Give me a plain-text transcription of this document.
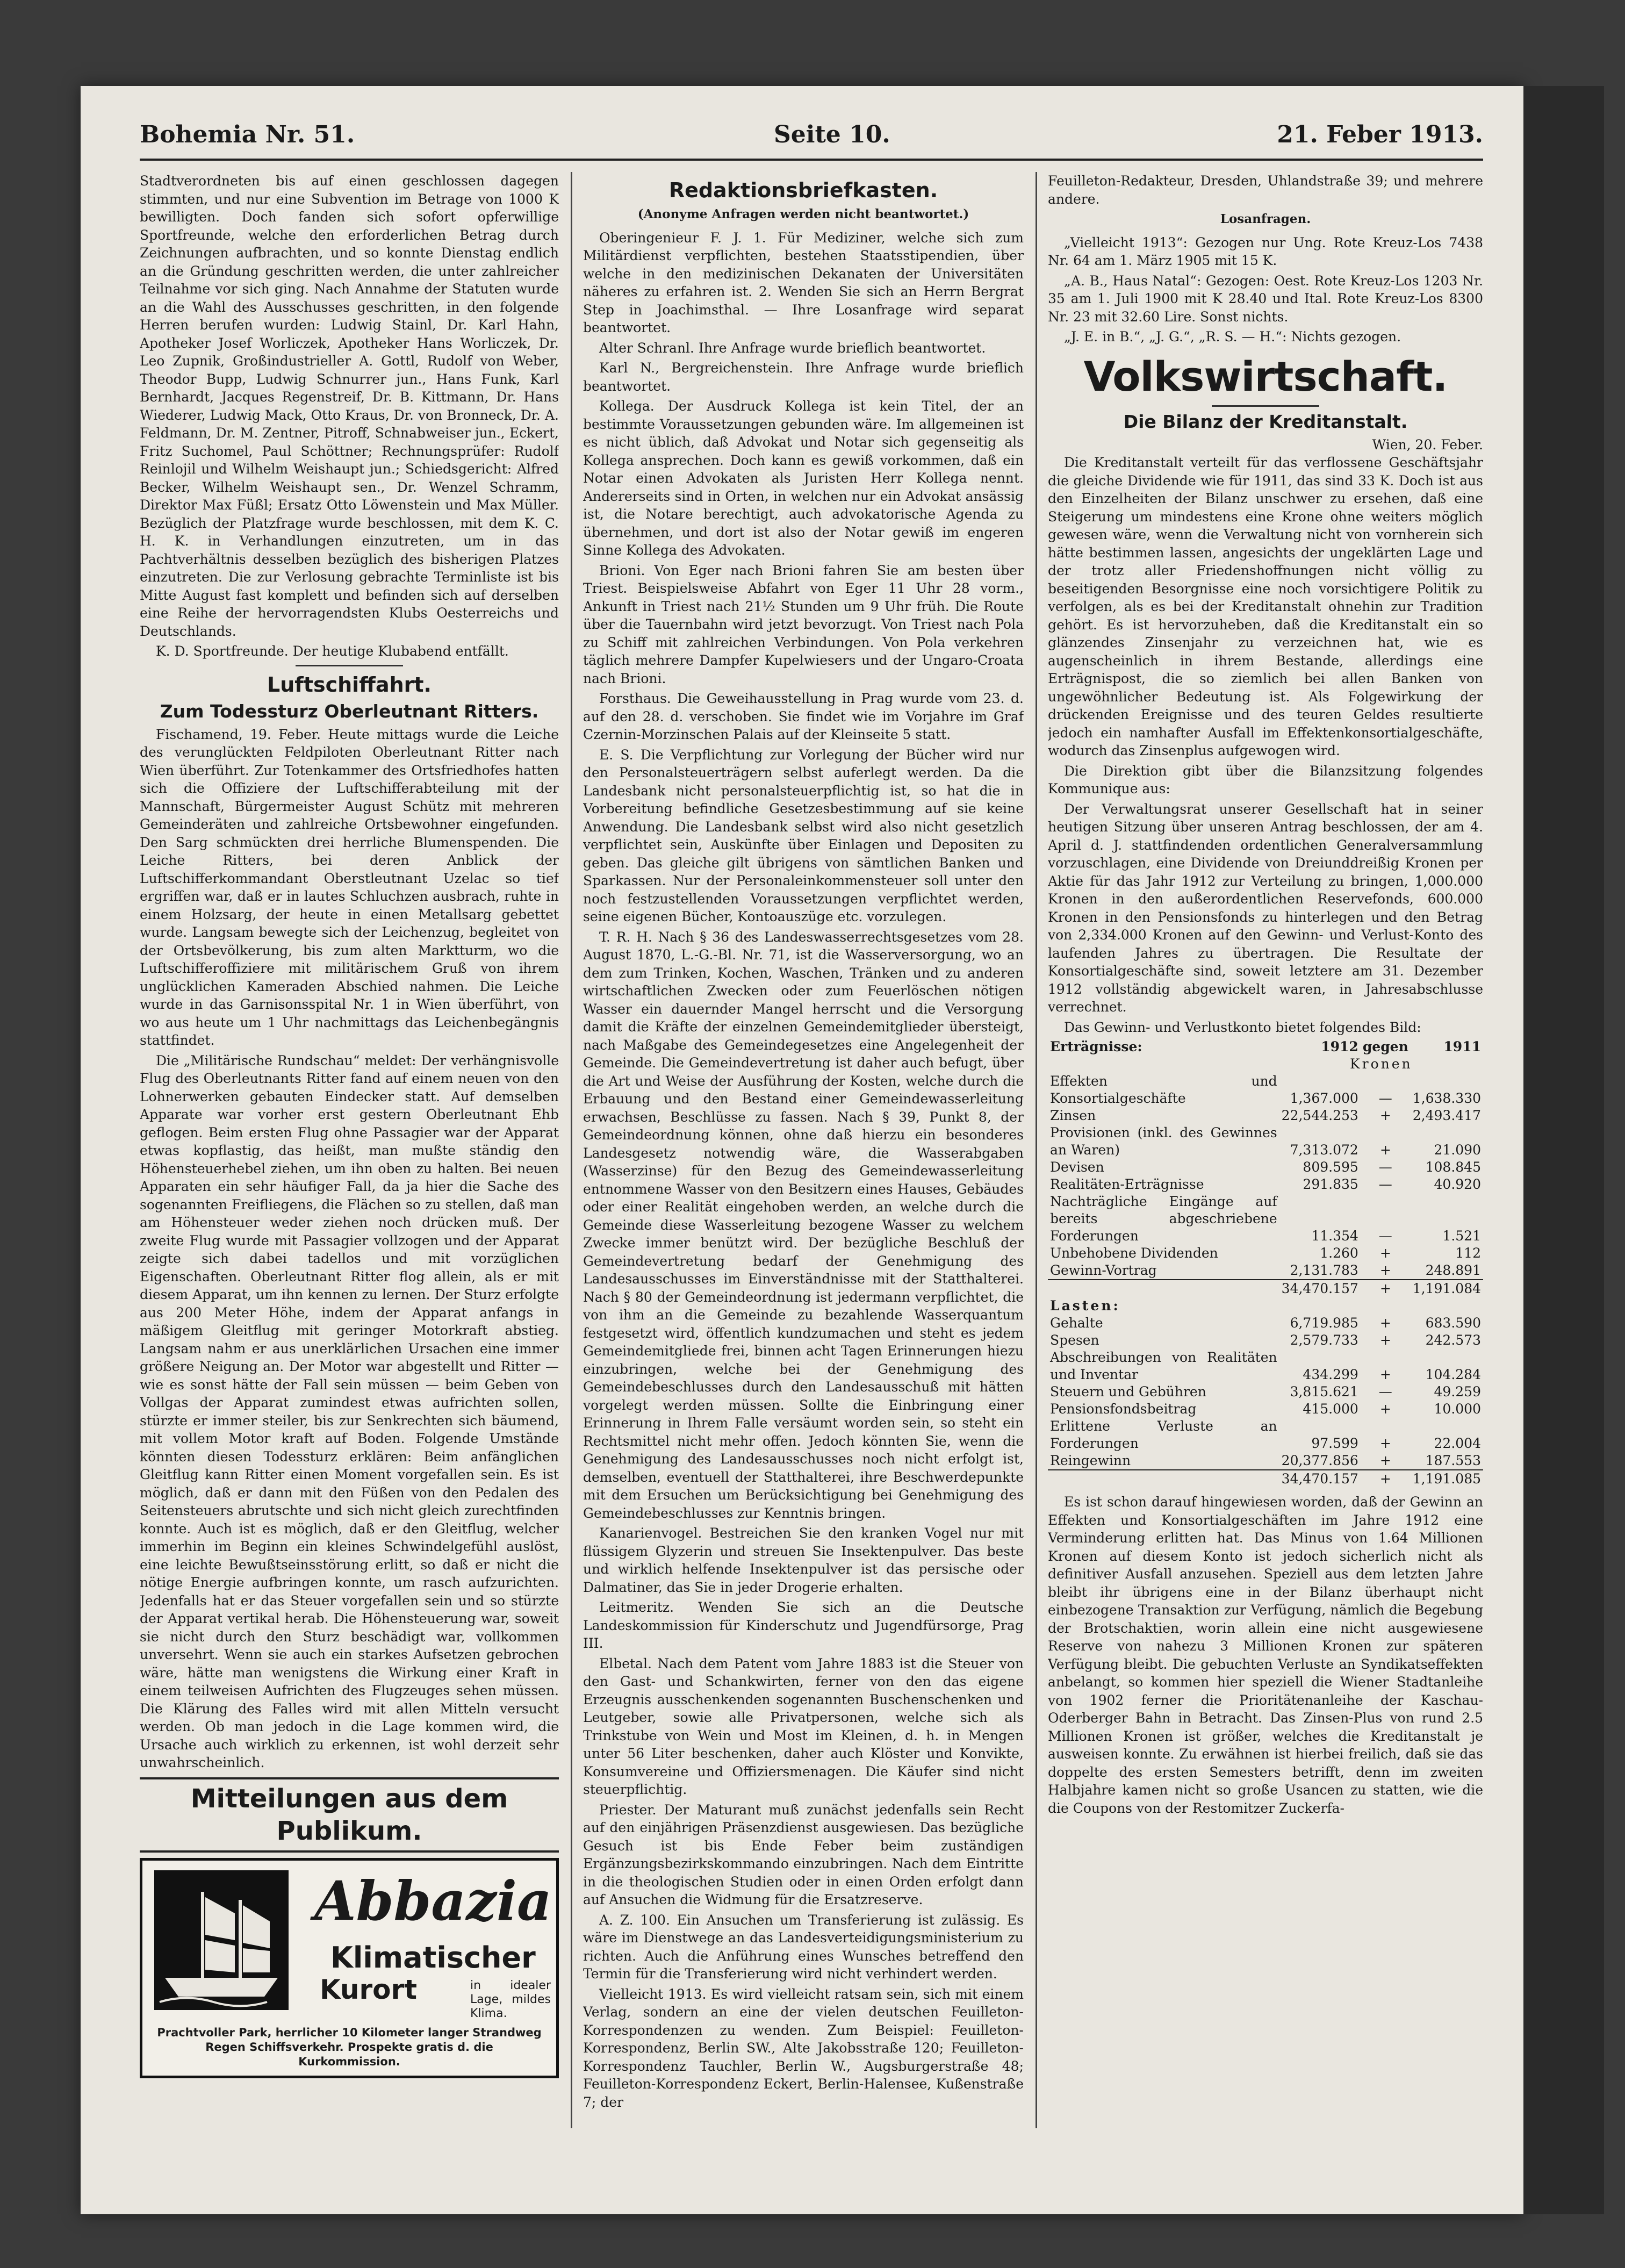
Bohemia Nr. 51.	Seite 10.	21. Feber 1913.

Stadtverordneten bis auf einen geschlossen dagegen stimmten, und nur eine Subvention im Betrage von 1000 K bewilligten. Doch fanden sich sofort opferwillige Sportfreunde, welche den erforderlichen Betrag durch Zeichnungen aufbrachten, und so konnte Dienstag endlich an die Gründung geschritten werden, die unter zahlreicher Teilnahme vor sich ging. Nach Annahme der Statuten wurde an die Wahl des Ausschusses geschritten, in den folgende Herren berufen wurden: Ludwig Stainl, Dr. Karl Hahn, Apotheker Josef Worliczek, Apotheker Hans Worliczek, Dr. Leo Zupnik, Großindustrieller A. Gottl, Rudolf von Weber, Theodor Bupp, Ludwig Schnurrer jun., Hans Funk, Karl Bernhardt, Jacques Regenstreif, Dr. B. Kittmann, Dr. Hans Wiederer, Ludwig Mack, Otto Kraus, Dr. von Bronneck, Dr. A. Feldmann, Dr. M. Zentner, Pitroff, Schnabweiser jun., Eckert, Fritz Suchomel, Paul Schöttner; Rechnungsprüfer: Rudolf Reinlojil und Wilhelm Weishaupt jun.; Schiedsgericht: Alfred Becker, Wilhelm Weishaupt sen., Dr. Wenzel Schramm, Direktor Max Füßl; Ersatz Otto Löwenstein und Max Müller. Bezüglich der Platzfrage wurde beschlossen, mit dem K. C. H. K. in Verhandlungen einzutreten, um in das Pachtverhältnis desselben bezüglich des bisherigen Platzes einzutreten. Die zur Verlosung gebrachte Terminliste ist bis Mitte August fast komplett und befinden sich auf derselben eine Reihe der hervorragendsten Klubs Oesterreichs und Deutschlands.

K. D. Sportfreunde. Der heutige Klubabend entfällt.

Luftschiffahrt.
Zum Todessturz Oberleutnant Ritters.

Fischamend, 19. Feber. Heute mittags wurde die Leiche des verunglückten Feldpiloten Oberleutnant Ritter nach Wien überführt. Zur Totenkammer des Ortsfriedhofes hatten sich die Offiziere der Luftschifferabteilung mit der Mannschaft, Bürgermeister August Schütz mit mehreren Gemeinderäten und zahlreiche Ortsbewohner eingefunden. Den Sarg schmückten drei herrliche Blumenspenden. Die Leiche Ritters, bei deren Anblick der Luftschifferkommandant Oberstleutnant Uzelac so tief ergriffen war, daß er in lautes Schluchzen ausbrach, ruhte in einem Holzsarg, der heute in einen Metallsarg gebettet wurde. Langsam bewegte sich der Leichenzug, begleitet von der Ortsbevölkerung, bis zum alten Marktturm, wo die Luftschifferoffiziere mit militärischem Gruß von ihrem unglücklichen Kameraden Abschied nahmen. Die Leiche wurde in das Garnisonsspital Nr. 1 in Wien überführt, von wo aus heute um 1 Uhr nachmittags das Leichenbegängnis stattfindet.

Die „Militärische Rundschau“ meldet: Der verhängnisvolle Flug des Oberleutnants Ritter fand auf einem neuen von den Lohnerwerken gebauten Eindecker statt. Auf demselben Apparate war vorher erst gestern Oberleutnant Ehb geflogen. Beim ersten Flug ohne Passagier war der Apparat etwas kopflastig, das heißt, man mußte ständig den Höhensteuerhebel ziehen, um ihn oben zu halten. Bei neuen Apparaten ein sehr häufiger Fall, da ja hier die Sache des sogenannten Freifliegens, die Flächen so zu stellen, daß man am Höhensteuer weder ziehen noch drücken muß. Der zweite Flug wurde mit Passagier vollzogen und der Apparat zeigte sich dabei tadellos und mit vorzüglichen Eigenschaften. Oberleutnant Ritter flog allein, als er mit diesem Apparat, um ihn kennen zu lernen. Der Sturz erfolgte aus 200 Meter Höhe, indem der Apparat anfangs in mäßigem Gleitflug mit geringer Motorkraft abstieg. Langsam nahm er aus unerklärlichen Ursachen eine immer größere Neigung an. Der Motor war abgestellt und Ritter — wie es sonst hätte der Fall sein müssen — beim Geben von Vollgas der Apparat zumindest etwas aufrichten sollen, stürzte er immer steiler, bis zur Senkrechten sich bäumend, mit vollem Motor kraft auf Boden. Folgende Umstände könnten diesen Todessturz erklären: Beim anfänglichen Gleitflug kann Ritter einen Moment vorgefallen sein. Es ist möglich, daß er dann mit den Füßen von den Pedalen des Seitensteuers abrutschte und sich nicht gleich zurechtfinden konnte. Auch ist es möglich, daß er den Gleitflug, welcher immerhin im Beginn ein kleines Schwindelgefühl auslöst, eine leichte Bewußtseinsstörung erlitt, so daß er nicht die nötige Energie aufbringen konnte, um rasch aufzurichten. Jedenfalls hat er das Steuer vorgefallen sein und so stürzte der Apparat vertikal herab. Die Höhensteuerung war, soweit sie nicht durch den Sturz beschädigt war, vollkommen unversehrt. Wenn sie auch ein starkes Aufsetzen gebrochen wäre, hätte man wenigstens die Wirkung einer Kraft in einem teilweisen Aufrichten des Flugzeuges sehen müssen. Die Klärung des Falles wird mit allen Mitteln versucht werden. Ob man jedoch in die Lage kommen wird, die Ursache auch wirklich zu erkennen, ist wohl derzeit sehr unwahrscheinlich.

Mitteilungen aus dem Publikum.
Abbazia
Klimatischer
Kurort	in idealer Lage, mildes Klima.
Prachtvoller Park, herrlicher 10 Kilometer langer Strandweg Regen Schiffsverkehr. Prospekte gratis d. die Kurkommission.
Redaktionsbriefkasten.
(Anonyme Anfragen werden nicht beantwortet.)

Oberingenieur F. J. 1. Für Mediziner, welche sich zum Militärdienst verpflichten, bestehen Staatsstipendien, über welche in den medizinischen Dekanaten der Universitäten näheres zu erfahren ist. 2. Wenden Sie sich an Herrn Bergrat Step in Joachimsthal. — Ihre Losanfrage wird separat beantwortet.

Alter Schranl. Ihre Anfrage wurde brieflich beantwortet.

Karl N., Bergreichenstein. Ihre Anfrage wurde brieflich beantwortet.

Kollega. Der Ausdruck Kollega ist kein Titel, der an bestimmte Voraussetzungen gebunden wäre. Im allgemeinen ist es nicht üblich, daß Advokat und Notar sich gegenseitig als Kollega ansprechen. Doch kann es gewiß vorkommen, daß ein Notar einen Advokaten als Juristen Herr Kollega nennt. Andererseits sind in Orten, in welchen nur ein Advokat ansässig ist, die Notare berechtigt, auch advokatorische Agenda zu übernehmen, und dort ist also der Notar gewiß im engeren Sinne Kollega des Advokaten.

Brioni. Von Eger nach Brioni fahren Sie am besten über Triest. Beispielsweise Abfahrt von Eger 11 Uhr 28 vorm., Ankunft in Triest nach 21½ Stunden um 9 Uhr früh. Die Route über die Tauernbahn wird jetzt bevorzugt. Von Triest nach Pola zu Schiff mit zahlreichen Verbindungen. Von Pola verkehren täglich mehrere Dampfer Kupelwiesers und der Ungaro-Croata nach Brioni.

Forsthaus. Die Geweihausstellung in Prag wurde vom 23. d. auf den 28. d. verschoben. Sie findet wie im Vorjahre im Graf Czernin-Morzinschen Palais auf der Kleinseite 5 statt.

E. S. Die Verpflichtung zur Vorlegung der Bücher wird nur den Personalsteuerträgern selbst auferlegt werden. Da die Landesbank nicht personalsteuerpflichtig ist, so hat die in Vorbereitung befindliche Gesetzesbestimmung auf sie keine Anwendung. Die Landesbank selbst wird also nicht gesetzlich verpflichtet sein, Auskünfte über Einlagen und Depositen zu geben. Das gleiche gilt übrigens von sämtlichen Banken und Sparkassen. Nur der Personaleinkommensteuer soll unter den noch festzustellenden Voraussetzungen verpflichtet werden, seine eigenen Bücher, Kontoauszüge etc. vorzulegen.

T. R. H. Nach § 36 des Landeswasserrechtsgesetzes vom 28. August 1870, L.-G.-Bl. Nr. 71, ist die Wasserversorgung, wo an dem zum Trinken, Kochen, Waschen, Tränken und zu anderen wirtschaftlichen Zwecken oder zum Feuerlöschen nötigen Wasser ein dauernder Mangel herrscht und die Versorgung damit die Kräfte der einzelnen Gemeindemitglieder übersteigt, nach Maßgabe des Gemeindegesetzes eine Angelegenheit der Gemeinde. Die Gemeindevertretung ist daher auch befugt, über die Art und Weise der Ausführung der Kosten, welche durch die Erbauung und den Bestand einer Gemeindewasserleitung erwachsen, Beschlüsse zu fassen. Nach § 39, Punkt 8, der Gemeindeordnung können, ohne daß hierzu ein besonderes Landesgesetz notwendig wäre, die Wasserabgaben (Wasserzinse) für den Bezug des Gemeindewasserleitung entnommene Wasser von den Besitzern eines Hauses, Gebäudes oder einer Realität eingehoben werden, an welche durch die Gemeinde diese Wasserleitung bezogene Wasser zu welchem Zwecke immer benützt wird. Der bezügliche Beschluß der Gemeindevertretung bedarf der Genehmigung des Landesausschusses im Einverständnisse mit der Statthalterei. Nach § 80 der Gemeindeordnung ist jedermann verpflichtet, die von ihm an die Gemeinde zu bezahlende Wasserquantum festgesetzt wird, öffentlich kundzumachen und steht es jedem Gemeindemitgliede frei, binnen acht Tagen Erinnerungen hiezu einzubringen, welche bei der Genehmigung des Gemeindebeschlusses durch den Landesausschuß mit hätten vorgelegt werden müssen. Sollte die Einbringung einer Erinnerung in Ihrem Falle versäumt worden sein, so steht ein Rechtsmittel nicht mehr offen. Jedoch könnten Sie, wenn die Genehmigung des Landesausschusses noch nicht erfolgt ist, demselben, eventuell der Statthalterei, ihre Beschwerdepunkte mit dem Ersuchen um Berücksichtigung bei Genehmigung des Gemeindebeschlusses zur Kenntnis bringen.

Kanarienvogel. Bestreichen Sie den kranken Vogel nur mit flüssigem Glyzerin und streuen Sie Insektenpulver. Das beste und wirklich helfende Insektenpulver ist das persische oder Dalmatiner, das Sie in jeder Drogerie erhalten.

Leitmeritz. Wenden Sie sich an die Deutsche Landeskommission für Kinderschutz und Jugendfürsorge, Prag III.

Elbetal. Nach dem Patent vom Jahre 1883 ist die Steuer von den Gast- und Schankwirten, ferner von den das eigene Erzeugnis ausschenkenden sogenannten Buschenschenken und Leutgeber, sowie alle Privatpersonen, welche sich als Trinkstube von Wein und Most im Kleinen, d. h. in Mengen unter 56 Liter beschenken, daher auch Klöster und Konvikte, Konsumvereine und Offiziersmenagen. Die Käufer sind nicht steuerpflichtig.

Priester. Der Maturant muß zunächst jedenfalls sein Recht auf den einjährigen Präsenzdienst ausgewiesen. Das bezügliche Gesuch ist bis Ende Feber beim zuständigen Ergänzungsbezirkskommando einzubringen. Nach dem Eintritte in die theologischen Studien oder in einen Orden erfolgt dann auf Ansuchen die Widmung für die Ersatzreserve.

A. Z. 100. Ein Ansuchen um Transferierung ist zulässig. Es wäre im Dienstwege an das Landesverteidigungsministerium zu richten. Auch die Anführung eines Wunsches betreffend den Termin für die Transferierung wird nicht verhindert werden.

Vielleicht 1913. Es wird vielleicht ratsam sein, sich mit einem Verlag, sondern an eine der vielen deutschen Feuilleton-Korrespondenzen zu wenden. Zum Beispiel: Feuilleton-Korrespondenz, Berlin SW., Alte Jakobsstraße 120; Feuilleton-Korrespondenz Tauchler, Berlin W., Augsburgerstraße 48; Feuilleton-Korrespondenz Eckert, Berlin-Halensee, Kußenstraße 7; der

Feuilleton-Redakteur, Dresden, Uhlandstraße 39; und mehrere andere.

Losanfragen.

„Vielleicht 1913“: Gezogen nur Ung. Rote Kreuz-Los 7438 Nr. 64 am 1. März 1905 mit 15 K.

„A. B., Haus Natal“: Gezogen: Oest. Rote Kreuz-Los 1203 Nr. 35 am 1. Juli 1900 mit K 28.40 und Ital. Rote Kreuz-Los 8300 Nr. 23 mit 32.60 Lire. Sonst nichts.

„J. E. in B.“, „J. G.“, „R. S. — H.“: Nichts gezogen.

Volkswirtschaft.
Die Bilanz der Kreditanstalt.
Wien, 20. Feber.

Die Kreditanstalt verteilt für das verflossene Geschäftsjahr die gleiche Dividende wie für 1911, das sind 33 K. Doch ist aus den Einzelheiten der Bilanz unschwer zu ersehen, daß eine Steigerung um mindestens eine Krone ohne weiters möglich gewesen wäre, wenn die Verwaltung nicht von vornherein sich hätte bestimmen lassen, angesichts der ungeklärten Lage und der trotz aller Friedenshoffnungen nicht völlig zu beseitigenden Besorgnisse eine noch vorsichtigere Politik zu verfolgen, als es bei der Kreditanstalt ohnehin zur Tradition gehört. Es ist hervorzuheben, daß die Kreditanstalt ein so glänzendes Zinsenjahr zu verzeichnen hat, wie es augenscheinlich in ihrem Bestande, allerdings eine Erträgnispost, die so ziemlich bei allen Banken von ungewöhnlicher Bedeutung ist. Als Folgewirkung der drückenden Ereignisse und des teuren Geldes resultierte jedoch ein namhafter Ausfall im Effektenkonsortialgeschäfte, wodurch das Zinsenplus aufgewogen wird.

Die Direktion gibt über die Bilanzsitzung folgendes Kommunique aus:

Der Verwaltungsrat unserer Gesellschaft hat in seiner heutigen Sitzung über unseren Antrag beschlossen, der am 4. April d. J. stattfindenden ordentlichen Generalversammlung vorzuschlagen, eine Dividende von Dreiunddreißig Kronen per Aktie für das Jahr 1912 zur Verteilung zu bringen, 1,000.000 Kronen in den außerordentlichen Reservefonds, 600.000 Kronen in den Pensionsfonds zu hinterlegen und den Betrag von 2,334.000 Kronen auf den Gewinn- und Verlust-Konto des laufenden Jahres zu übertragen. Die Resultate der Konsortialgeschäfte sind, soweit letztere am 31. Dezember 1912 vollständig abgewickelt waren, in Jahresabschlusse verrechnet.

Das Gewinn- und Verlustkonto bietet folgendes Bild:

Erträgnisse:	1912	gegen	1911
	Kronen		
Effekten und Konsortialgeschäfte	1,367.000	—	1,638.330
Zinsen	22,544.253	+	2,493.417
Provisionen (inkl. des Gewinnes an Waren)	7,313.072	+	21.090
Devisen	809.595	—	108.845
Realitäten-Erträgnisse	291.835	—	40.920
Nachträgliche Eingänge auf bereits abgeschriebene Forderungen	11.354	—	1.521
Unbehobene Dividenden	1.260	+	112
Gewinn-Vortrag	2,131.783	+	248.891
	34,470.157	+	1,191.084
Lasten:			
Gehalte	6,719.985	+	683.590
Spesen	2,579.733	+	242.573
Abschreibungen von Realitäten und Inventar	434.299	+	104.284
Steuern und Gebühren	3,815.621	—	49.259
Pensionsfondsbeitrag	415.000	+	10.000
Erlittene Verluste an Forderungen	97.599	+	22.004
Reingewinn	20,377.856	+	187.553
	34,470.157	+	1,191.085

Es ist schon darauf hingewiesen worden, daß der Gewinn an Effekten und Konsortialgeschäften im Jahre 1912 eine Verminderung erlitten hat. Das Minus von 1.64 Millionen Kronen auf diesem Konto ist jedoch sicherlich nicht als definitiver Ausfall anzusehen. Speziell aus dem letzten Jahre bleibt ihr übrigens eine in der Bilanz überhaupt nicht einbezogene Transaktion zur Verfügung, nämlich die Begebung der Brotschaktien, worin allein eine nicht ausgewiesene Reserve von nahezu 3 Millionen Kronen zur späteren Verfügung bleibt. Die gebuchten Verluste an Syndikatseffekten anbelangt, so kommen hier speziell die Wiener Stadtanleihe von 1902 ferner die Prioritätenanleihe der Kaschau-Oderberger Bahn in Betracht. Das Zinsen-Plus von rund 2.5 Millionen Kronen ist größer, welches die Kreditanstalt je ausweisen konnte. Zu erwähnen ist hierbei freilich, daß sie das doppelte des ersten Semesters betrifft, denn im zweiten Halbjahre kamen nicht so große Usancen zu statten, wie die die Coupons von der Restomitzer Zuckerfa-
